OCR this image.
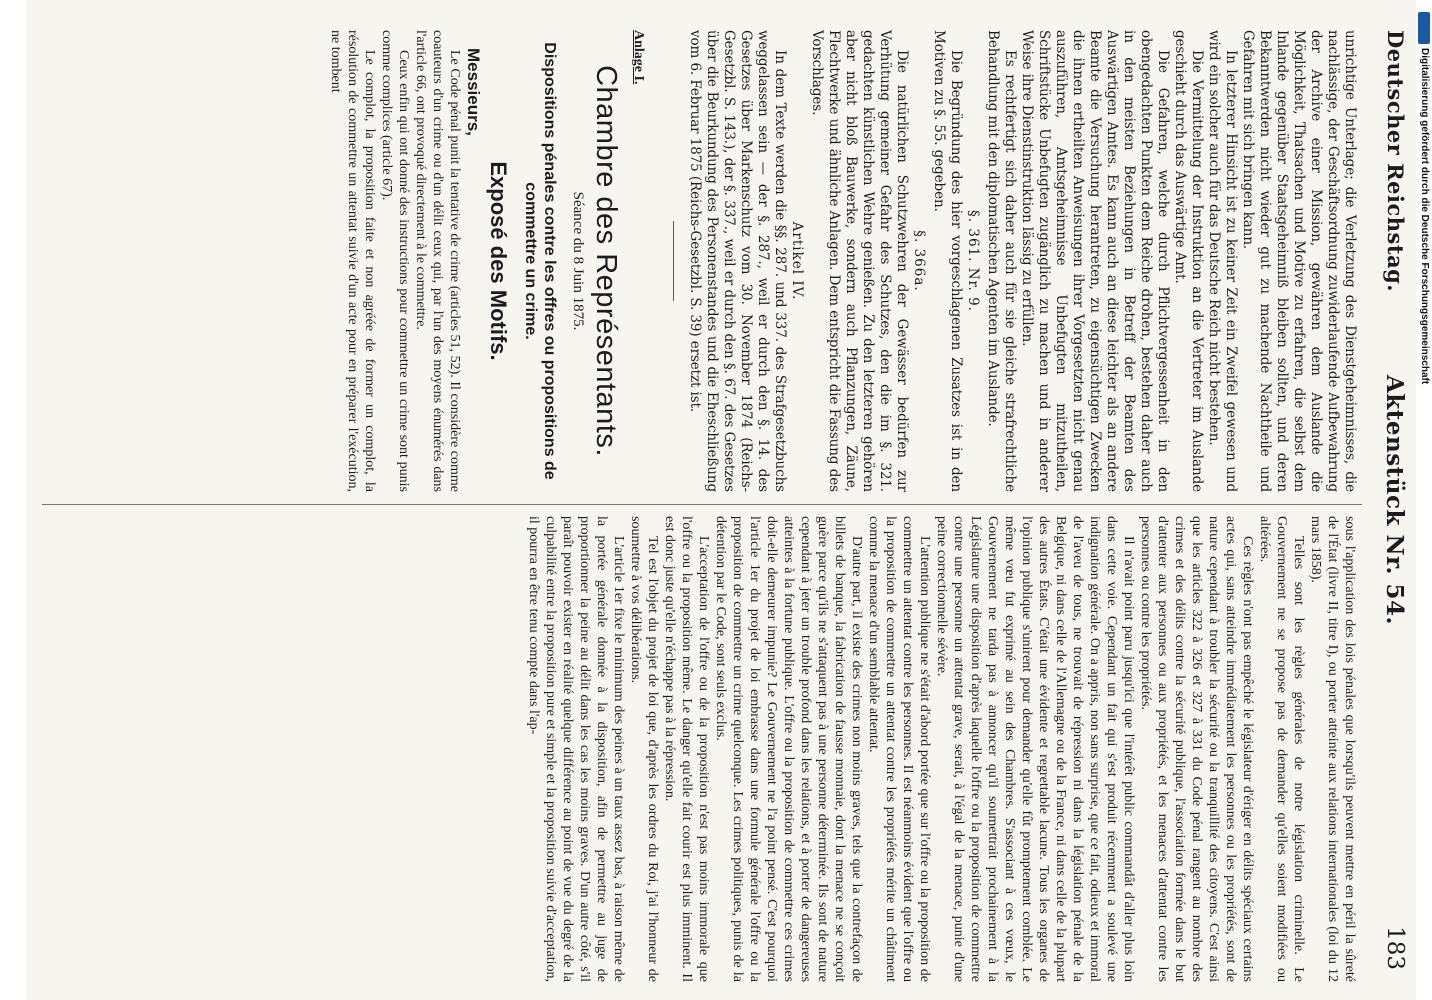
Deutscher Reichstag.
Aktenstück Nr. 54.
183

unrichtige Unterlage; die Verletzung des Dienstgeheimnisses, die nachlässige, der Geschäftsordnung zuwiderlaufende Aufbewahrung der Archive einer Mission, gewähren dem Auslande die Möglichkeit, Thatsachen und Motive zu erfahren, die selbst dem Inlande gegenüber Staatsgeheimniß bleiben sollten, und deren Bekanntwerden nicht wieder gut zu machende Nachtheile und Gefahren mit sich bringen kann.

In letzterer Hinsicht ist zu keiner Zeit ein Zweifel gewesen und wird ein solcher auch für das Deutsche Reich nicht bestehen.

Die Vermittelung der Instruktion an die Vertreter im Auslande geschieht durch das Auswärtige Amt.

Die Gefahren, welche durch Pflichtvergessenheit in den obengedachten Punkten dem Reiche drohen, bestehen daher auch in den meisten Beziehungen in Betreff der Beamten des Auswärtigen Amtes. Es kann auch an diese leichter als an andere Beamte die Versuchung herantreten, zu eigensüchtigen Zwecken die ihnen ertheilten Anweisungen ihrer Vorgesetzten nicht genau auszuführen, Amtsgeheimnisse Unbefugten mitzutheilen, Schriftstücke Unbefugten zugänglich zu machen und in anderer Weise ihre Dienstinstruktion lässig zu erfüllen.

Es rechtfertigt sich daher auch für sie gleiche strafrechtliche Behandlung mit den diplomatischen Agenten im Auslande.

§. 361. Nr. 9.

Die Begründung des hier vorgeschlagenen Zusatzes ist in den Motiven zu §. 55. gegeben.

§. 366a.

Die natürlichen Schutzwehren der Gewässer bedürfen zur Verhütung gemeiner Gefahr des Schutzes, den die im §. 321. gedachten künstlichen Wehre genießen. Zu den letzteren gehören aber nicht bloß Bauwerke, sondern auch Pflanzungen, Zäune, Flechtwerke und ähnliche Anlagen. Dem entspricht die Fassung des Vorschlages.

Artikel IV.

In dem Texte werden die §§. 287. und 337. des Strafgesetzbuchs weggelassen sein — der §. 287., weil er durch den §. 14. des Gesetzes über Markenschutz vom 30. November 1874 (Reichs-Gesetzbl. S. 143.), der §. 337., weil er durch den §. 67. des Gesetzes über die Beurkundung des Personenstandes und die Eheschließung vom 6. Februar 1875 (Reichs-Gesetzbl. S. 39) ersetzt ist.

Anlage I.

Chambre des Représentants.
Séance du 8 Juin 1875.
Dispositions pénales contre les offres ou propositions de commettre un crime.
Exposé des Motifs.
Messieurs,

Le Code pénal punit la tentative de crime (articles 51, 52). Il considère comme coauteurs d'un crime ou d'un délit ceux qui, par l'un des moyens énumérés dans l'article 66, ont provoqué directement à le commettre.

Ceux enfin qui ont donné des instructions pour commettre un crime sont punis comme complices (article 67).

Le complot, la proposition faite et non agréée de former un complot, la résolution de commettre un attentat suivie d'un acte pour en préparer l'exécution, ne tombent

sous l'application des lois pénales que lorsqu'ils peuvent mettre en péril la sûreté de l'État (livre II, titre I), ou porter atteinte aux relations internationales (loi du 12 mars 1858).

Telles sont les règles générales de notre législation criminelle. Le Gouvernement ne se propose pas de demander qu'elles soient modifiées ou altérées.

Ces règles n'ont pas empêché le législateur d'ériger en délits spéciaux certains actes qui, sans atteindre immédiatement les personnes ou les propriétés, sont de nature cependant à troubler la sécurité ou la tranquillité des citoyens. C'est ainsi que les articles 322 à 326 et 327 à 331 du Code pénal rangent au nombre des crimes et des délits contre la sécurité publique, l'association formée dans le but d'attenter aux personnes ou aux propriétés, et les menaces d'attentat contre les personnes ou contre les propriétés.

Il n'avait point paru jusqu'ici que l'intérêt public commandât d'aller plus loin dans cette voie. Cependant un fait qui s'est produit récemment a soulevé une indignation générale. On a appris, non sans surprise, que ce fait, odieux et immoral de l'aveu de tous, ne trouvait de répression ni dans la législation pénale de la Belgique, ni dans celle de l'Allemagne ou de la France, ni dans celle de la plupart des autres États. C'était une évidente et regrettable lacune. Tous les organes de l'opinion publique s'unirent pour demander qu'elle fût promptement comblée. Le même vœu fut exprimé au sein des Chambres. S'associant à ces vœux, le Gouvernement ne tarda pas à annoncer qu'il soumettrait prochainement à la Législature une disposition d'après laquelle l'offre ou la proposition de commettre contre une personne un attentat grave, serait, à l'égal de la menace, punie d'une peine correctionnelle sévère.

L'attention publique ne s'était d'abord portée que sur l'offre ou la proposition de commettre un attentat contre les personnes. Il est néanmoins évident que l'offre ou la proposition de commettre un attentat contre les propriétés mérite un châtiment comme la menace d'un semblable attentat.

D'autre part, il existe des crimes non moins graves, tels que la contrefaçon de billets de banque, la fabrication de fausse monnaie, dont la menace ne se conçoit guère parce qu'ils ne s'attaquent pas à une personne déterminée. Ils sont de nature cependant à jeter un trouble profond dans les relations, et à porter de dangereuses atteintes à la fortune publique. L'offre ou la proposition de commettre ces crimes doit-elle demeurer impunie? Le Gouvernement ne l'a point pensé. C'est pourquoi l'article 1er du projet de loi embrasse dans une formule générale l'offre ou la proposition de commettre un crime quelconque. Les crimes politiques, punis de la détention par le Code, sont seuls exclus.

L'acceptation de l'offre ou de la proposition n'est pas moins immorale que l'offre ou la proposition même. Le danger qu'elle fait courir est plus imminent. Il est donc juste qu'elle n'échappe pas à la répression.

Tel est l'objet du projet de loi que, d'après les ordres du Roi, j'ai l'honneur de soumettre à vos délibérations.

L'article 1er fixe le minimum des peines à un taux assez bas, à raison même de la portée générale donnée à la disposition, afin de permettre au juge de proportionner la peine au délit dans les cas les moins graves. D'un autre côté, s'il paraît pouvoir exister en réalité quelque différence au point de vue du degré de la culpabilité entre la proposition pure et simple et la proposition suivie d'acceptation, il pourra en être tenu compte dans l'ap-

Digitalisierung gefördert durch die Deutsche Forschungsgemeinschaft
